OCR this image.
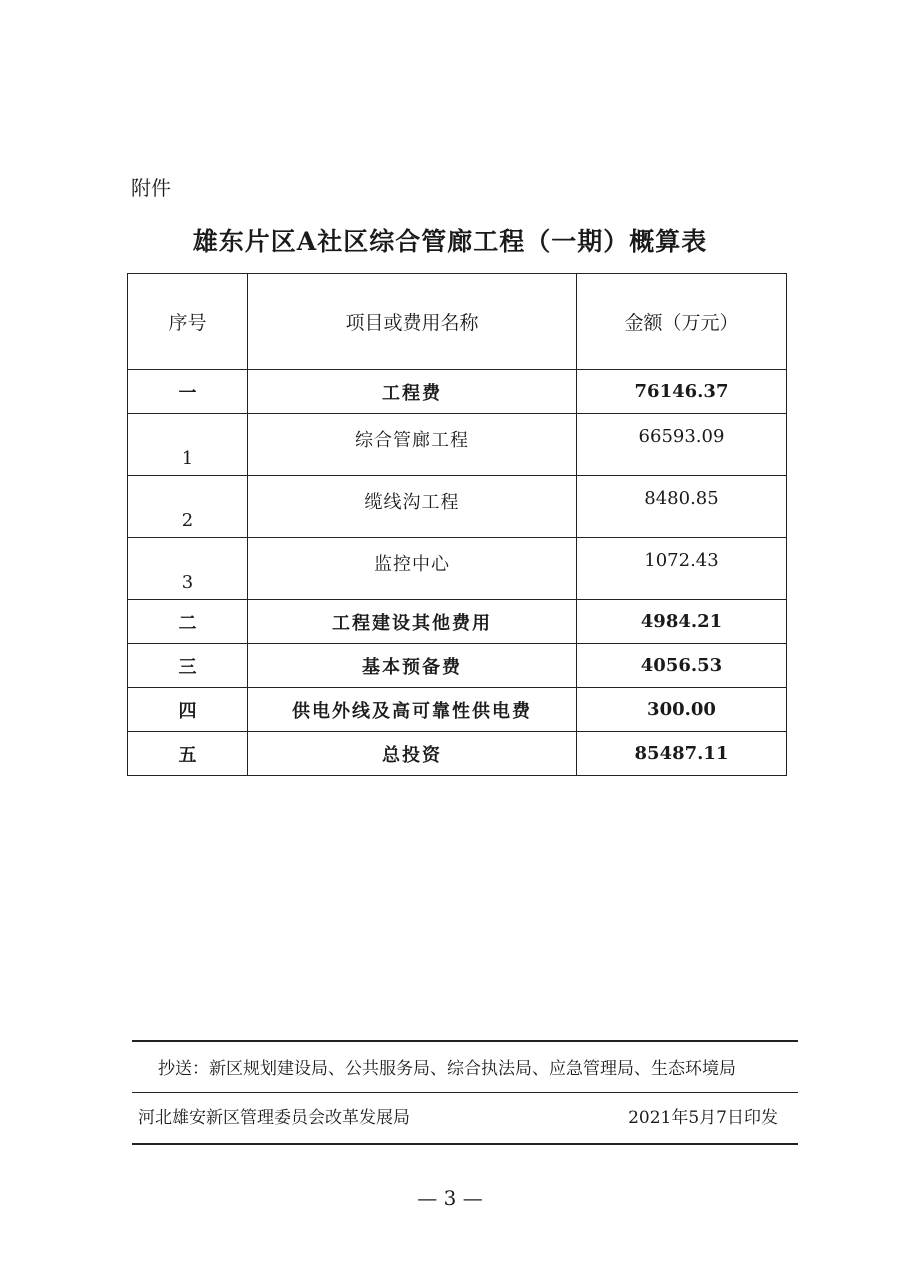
附件
雄东片区A社区综合管廊工程（一期）概算表
序号	项目或费用名称	金额（万元）
一	工程费	76146.37
1	综合管廊工程	66593.09
2	缆线沟工程	8480.85
3	监控中心	1072.43
二	工程建设其他费用	4984.21
三	基本预备费	4056.53
四	供电外线及高可靠性供电费	300.00
五	总投资	85487.11
抄送：新区规划建设局、公共服务局、综合执法局、应急管理局、生态环境局
河北雄安新区管理委员会改革发展局	2021年5月7日印发
— 3 —
